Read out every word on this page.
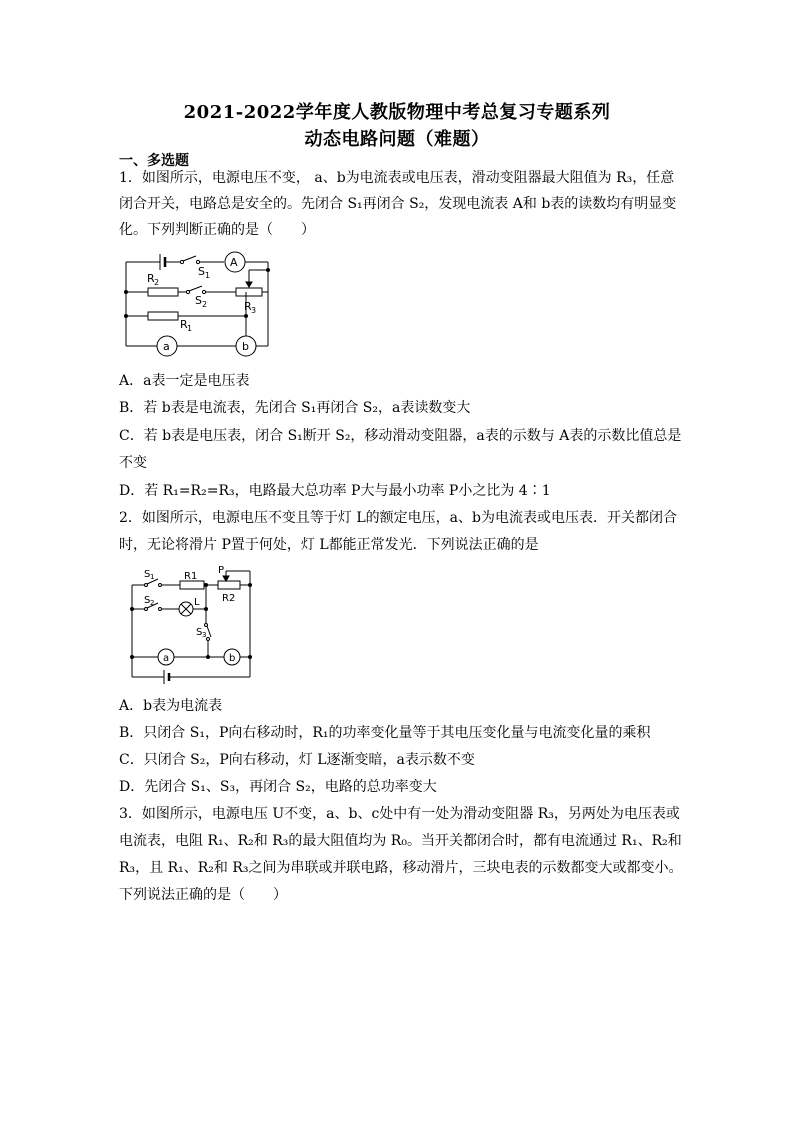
2021-2022学年度人教版物理中考总复习专题系列
动态电路问题（难题）
一、多选题
1．如图所示，电源电压不变， a、b为电流表或电压表，滑动变阻器最大阻值为 R₃，任意
闭合开关，电路总是安全的。先闭合 S₁再闭合 S₂，发现电流表 A和 b表的读数均有明显变
化。下列判断正确的是（　　）
A
S 1
R 2
S 2	R 3
R 1
a	b
A．a表一定是电压表
B．若 b表是电流表，先闭合 S₁再闭合 S₂，a表读数变大
C．若 b表是电压表，闭合 S₁断开 S₂，移动滑动变阻器，a表的示数与 A表的示数比值总是
不变
D．若 R₁=R₂=R₃，电路最大总功率 P大与最小功率 P小之比为 4∶1
2．如图所示，电源电压不变且等于灯 L的额定电压，a、b为电流表或电压表．开关都闭合
时，无论将滑片 P置于何处，灯 L都能正常发光．下列说法正确的是
S 1	R1
P
R2
S 2	L
S 3
a	b
A．b表为电流表
B．只闭合 S₁，P向右移动时，R₁的功率变化量等于其电压变化量与电流变化量的乘积
C．只闭合 S₂，P向右移动，灯 L逐渐变暗，a表示数不变
D．先闭合 S₁、S₃，再闭合 S₂，电路的总功率变大
3．如图所示，电源电压 U不变，a、b、c处中有一处为滑动变阻器 R₃，另两处为电压表或
电流表，电阻 R₁、R₂和 R₃的最大阻值均为 R₀。当开关都闭合时，都有电流通过 R₁、R₂和
R₃，且 R₁、R₂和 R₃之间为串联或并联电路，移动滑片，三块电表的示数都变大或都变小。
下列说法正确的是（　　）
